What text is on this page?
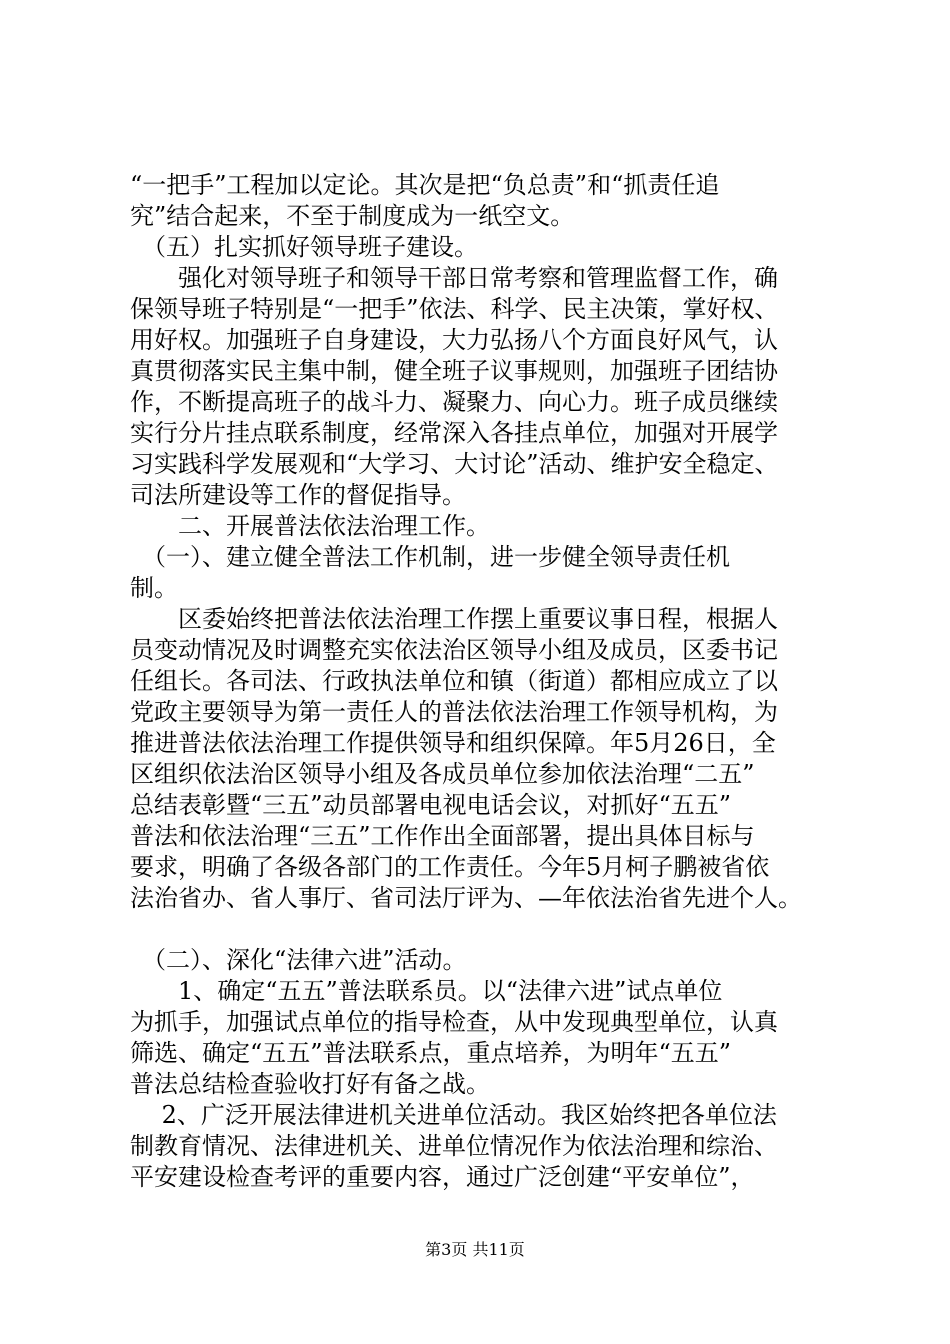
“一把手”工程加以定论。其次是把“负总责”和“抓责任追
究”结合起来，不至于制度成为一纸空文。
　（五）扎实抓好领导班子建设。
　　强化对领导班子和领导干部日常考察和管理监督工作，确
保领导班子特别是“一把手”依法、科学、民主决策，掌好权、
用好权。加强班子自身建设，大力弘扬八个方面良好风气，认
真贯彻落实民主集中制，健全班子议事规则，加强班子团结协
作，不断提高班子的战斗力、凝聚力、向心力。班子成员继续
实行分片挂点联系制度，经常深入各挂点单位，加强对开展学
习实践科学发展观和“大学习、大讨论”活动、维护安全稳定、
司法所建设等工作的督促指导。
　　二、开展普法依法治理工作。
　（一）、建立健全普法工作机制，进一步健全领导责任机
制。
　　区委始终把普法依法治理工作摆上重要议事日程，根据人
员变动情况及时调整充实依法治区领导小组及成员，区委书记
任组长。各司法、行政执法单位和镇（街道）都相应成立了以
党政主要领导为第一责任人的普法依法治理工作领导机构，为
推进普法依法治理工作提供领导和组织保障。年5月26日，全
区组织依法治区领导小组及各成员单位参加依法治理“二五”
总结表彰暨“三五”动员部署电视电话会议，对抓好“五五”
普法和依法治理“三五”工作作出全面部署，提出具体目标与
要求，明确了各级各部门的工作责任。今年5月柯子鹏被省依
法治省办、省人事厅、省司法厅评为、—年依法治省先进个人。
　（二）、深化“法律六进”活动。
　　1、确定“五五”普法联系员。以“法律六进”试点单位
为抓手，加强试点单位的指导检查，从中发现典型单位，认真
筛选、确定“五五”普法联系点，重点培养，为明年“五五”
普法总结检查验收打好有备之战。
　 2、广泛开展法律进机关进单位活动。我区始终把各单位法
制教育情况、法律进机关、进单位情况作为依法治理和综治、
平安建设检查考评的重要内容，通过广泛创建“平安单位”，
第3页 共11页
